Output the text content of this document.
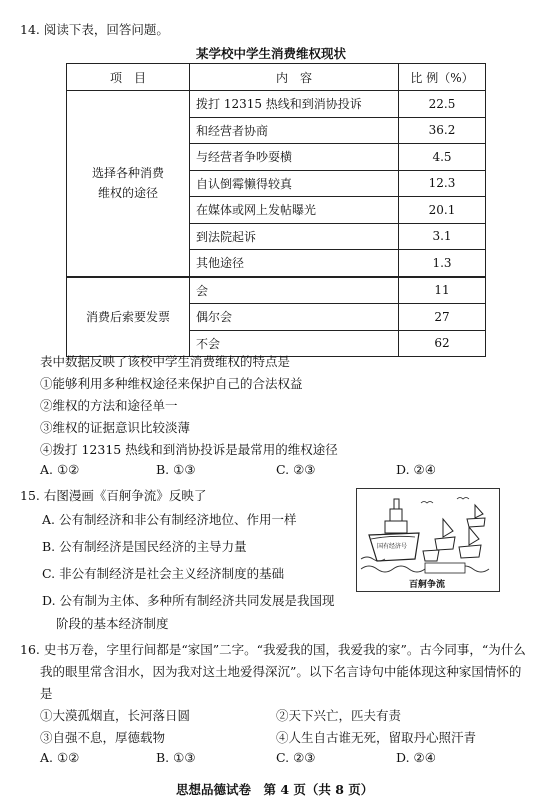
14. 阅读下表，回答问题。
某学校中学生消费维权现状
项　目	内　容	比 例（%）
选择各种消费
维权的途径	拨打 12315 热线和到消协投诉	22.5
	和经营者协商	36.2
	与经营者争吵耍横	4.5
	自认倒霉懒得较真	12.3
	在媒体或网上发帖曝光	20.1
	到法院起诉	3.1
	其他途径	1.3
消费后索要发票	会	11
	偶尔会	27
	不会	62
表中数据反映了该校中学生消费维权的特点是
①能够利用多种维权途径来保护自己的合法权益
②维权的方法和途径单一
③维权的证据意识比较淡薄
④拨打 12315 热线和到消协投诉是最常用的维权途径
A. ①②	B. ①③	C. ②③	D. ②④
15. 右图漫画《百舸争流》反映了
A. 公有制经济和非公有制经济地位、作用一样
B. 公有制经济是国民经济的主导力量
C. 非公有制经济是社会主义经济制度的基础
D. 公有制为主体、多种所有制经济共同发展是我国现
阶段的基本经济制度
国有经济号
百舸争流
16. 史书万卷，字里行间都是“家国”二字。“我爱我的国，我爱我的家”。古今同事，“为什么
我的眼里常含泪水，因为我对这土地爱得深沉”。以下名言诗句中能体现这种家国情怀的
是
①大漠孤烟直，长河落日圆	②天下兴亡，匹夫有责
③自强不息，厚德载物	④人生自古谁无死，留取丹心照汗青
A. ①②	B. ①③	C. ②③	D. ②④
思想品德试卷　第 4 页（共 8 页）
